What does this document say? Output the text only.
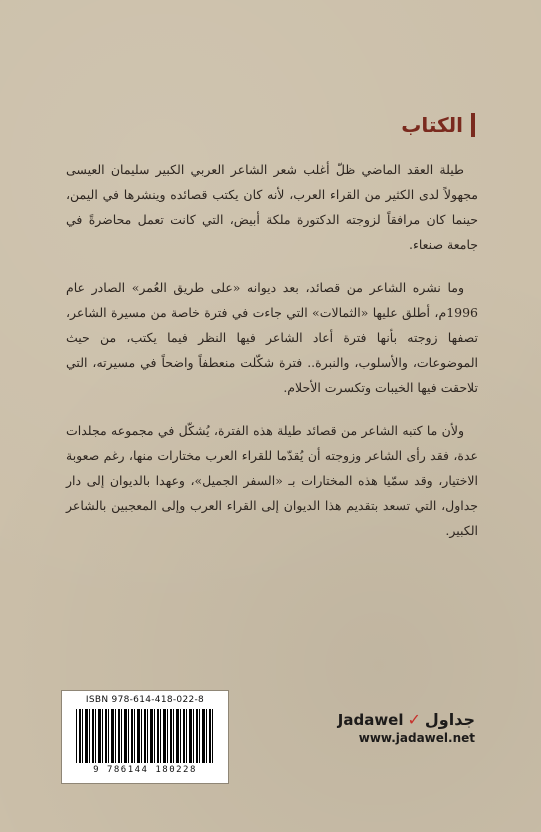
الكتاب

طيلة العقد الماضي ظلّ أغلب شعر الشاعر العربي الكبير سليمان العيسى مجهولاً لدى الكثير من القراء العرب، لأنه كان يكتب قصائده وينشرها في اليمن، حينما كان مرافقاً لزوجته الدكتورة ملكة أبيض، التي كانت تعمل محاضرةً في جامعة صنعاء.

وما نشره الشاعر من قصائد، بعد ديوانه «على طريق العُمر» الصادر عام 1996م، أطلق عليها «الثمالات» التي جاءت في فترة خاصة من مسيرة الشاعر، تصفها زوجته بأنها فترة أعاد الشاعر فيها النظر فيما يكتب، من حيث الموضوعات، والأسلوب، والنبرة.. فترة شكّلت منعطفاً واضحاً في مسيرته، التي تلاحقت فيها الخيبات وتكسرت الأحلام.

ولأن ما كتبه الشاعر من قصائد طيلة هذه الفترة، يُشكّل في مجموعه مجلدات عدة، فقد رأى الشاعر وزوجته أن يُقدّما للقراء العرب مختارات منها، رغم صعوبة الاختيار، وقد سمّيا هذه المختارات بـ «السفر الجميل»، وعهدا بالديوان إلى دار جداول، التي تسعد بتقديم هذا الديوان إلى القراء العرب وإلى المعجبين بالشاعر الكبير.

ISBN 978-614-418-022-8
9 786144 180228
Jadawel ✓ جداول
www.jadawel.net
